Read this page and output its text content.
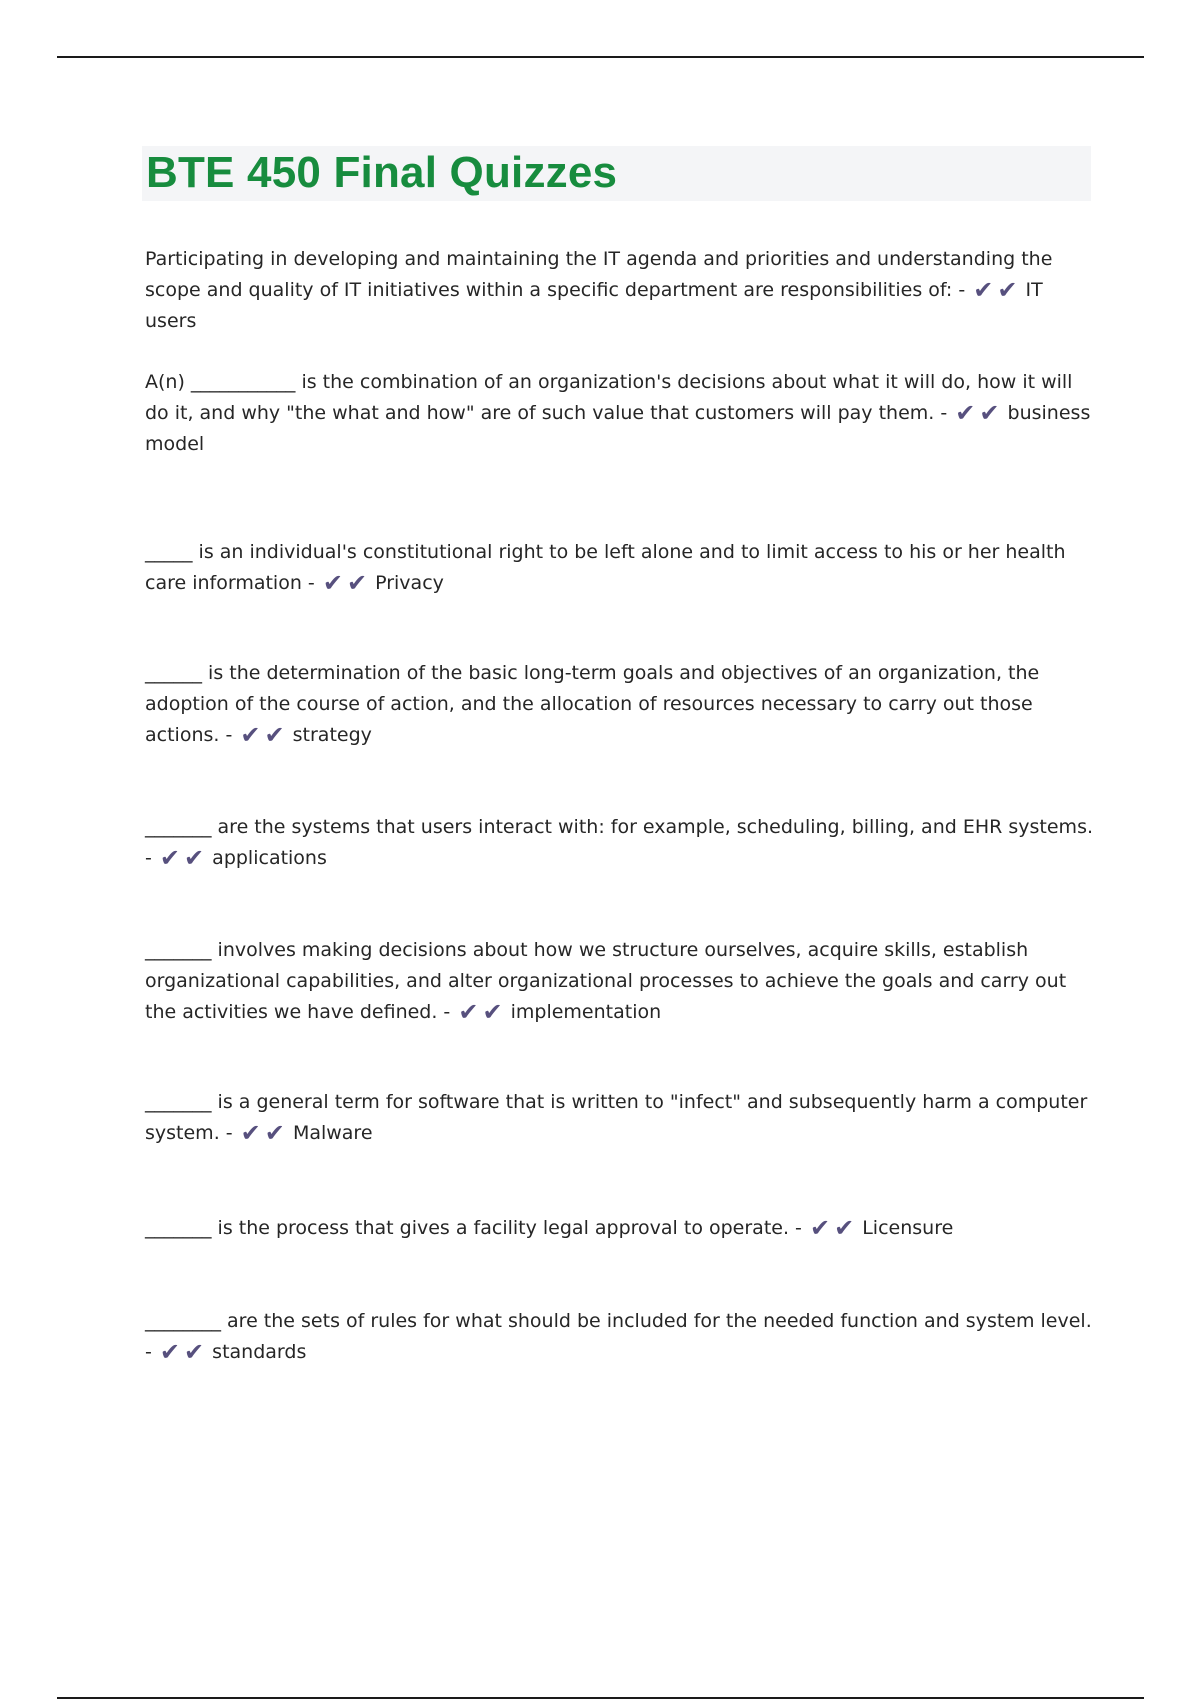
BTE 450 Final Quizzes

Participating in developing and maintaining the IT agenda and priorities and understanding the scope and quality of IT initiatives within a specific department are responsibilities of: - ✔ ✔ IT users

A(n) ___________ is the combination of an organization's decisions about what it will do, how it will do it, and why "the what and how" are of such value that customers will pay them. - ✔ ✔ business model

_____ is an individual's constitutional right to be left alone and to limit access to his or her health care information - ✔ ✔ Privacy

______ is the determination of the basic long-term goals and objectives of an organization, the adoption of the course of action, and the allocation of resources necessary to carry out those actions. - ✔ ✔ strategy

_______ are the systems that users interact with: for example, scheduling, billing, and EHR systems. - ✔ ✔ applications

_______ involves making decisions about how we structure ourselves, acquire skills, establish organizational capabilities, and alter organizational processes to achieve the goals and carry out the activities we have defined. - ✔ ✔ implementation

_______ is a general term for software that is written to "infect" and subsequently harm a computer system. - ✔ ✔ Malware

_______ is the process that gives a facility legal approval to operate. - ✔ ✔ Licensure

________ are the sets of rules for what should be included for the needed function and system level. - ✔ ✔ standards
